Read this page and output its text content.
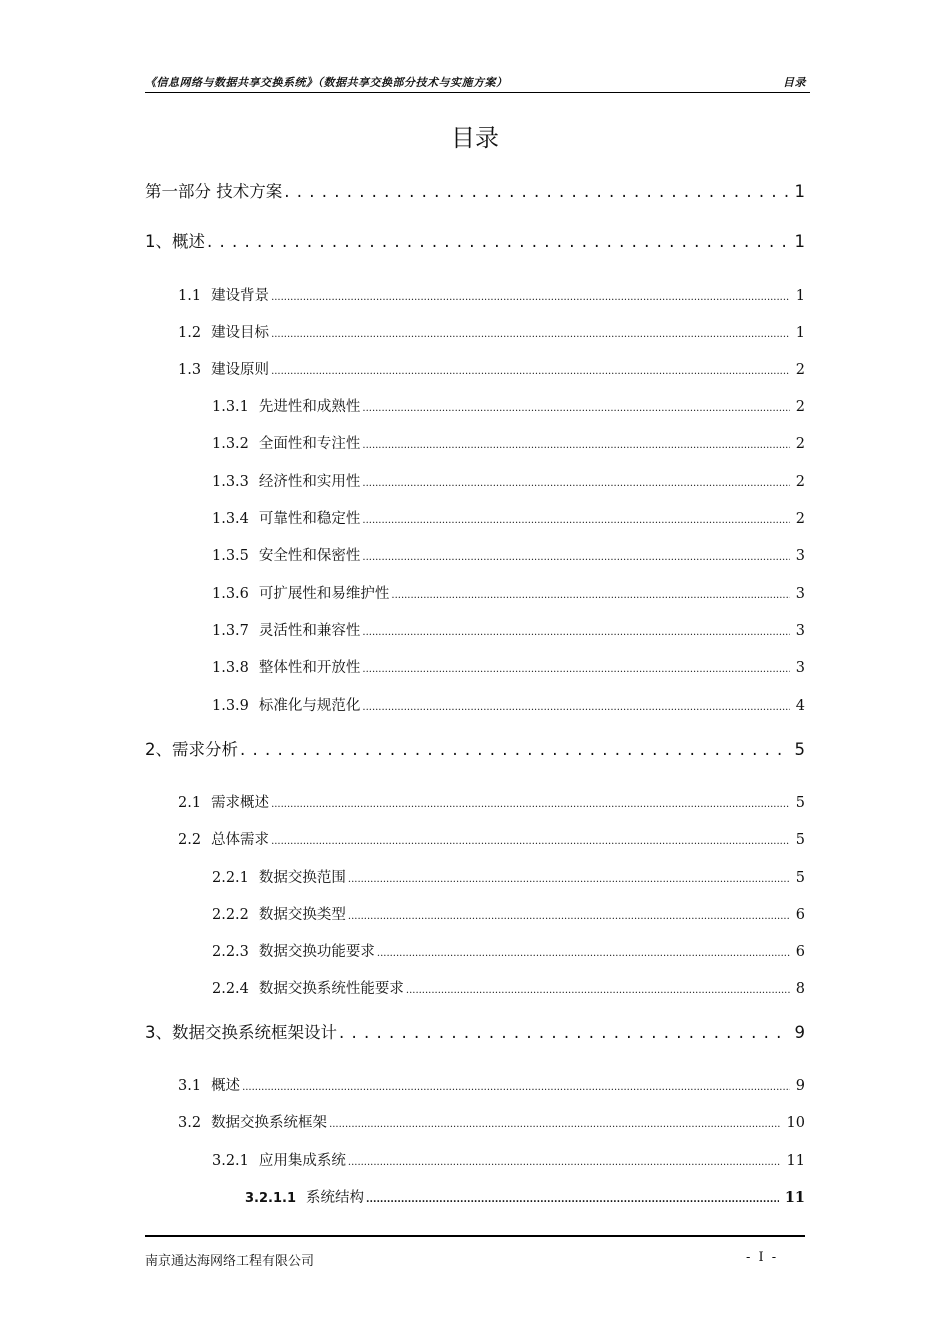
《信息网络与数据共享交换系统》（数据共享交换部分技术与实施方案）	目录
目录
第一部分 技术方案 . . .	1
1、概述 . . .	1
1.1 建设背景 .....	1
1.2 建设目标 .....	1
1.3 建设原则 .....	2
1.3.1 先进性和成熟性 .....	2
1.3.2 全面性和专注性 .....	2
1.3.3 经济性和实用性 .....	2
1.3.4 可靠性和稳定性 .....	2
1.3.5 安全性和保密性 .....	3
1.3.6 可扩展性和易维护性 .....	3
1.3.7 灵活性和兼容性 .....	3
1.3.8 整体性和开放性 .....	3
1.3.9 标准化与规范化 .....	4
2、需求分析 . . .	5
2.1 需求概述 .....	5
2.2 总体需求 .....	5
2.2.1 数据交换范围 .....	5
2.2.2 数据交换类型 .....	6
2.2.3 数据交换功能要求 .....	6
2.2.4 数据交换系统性能要求 .....	8
3、数据交换系统框架设计 . . .	9
3.1 概述 .....	9
3.2 数据交换系统框架 .....	10
3.2.1 应用集成系统 .....	11
3.2.1.1 系统结构 .....	11
南京通达海网络工程有限公司	- I -
